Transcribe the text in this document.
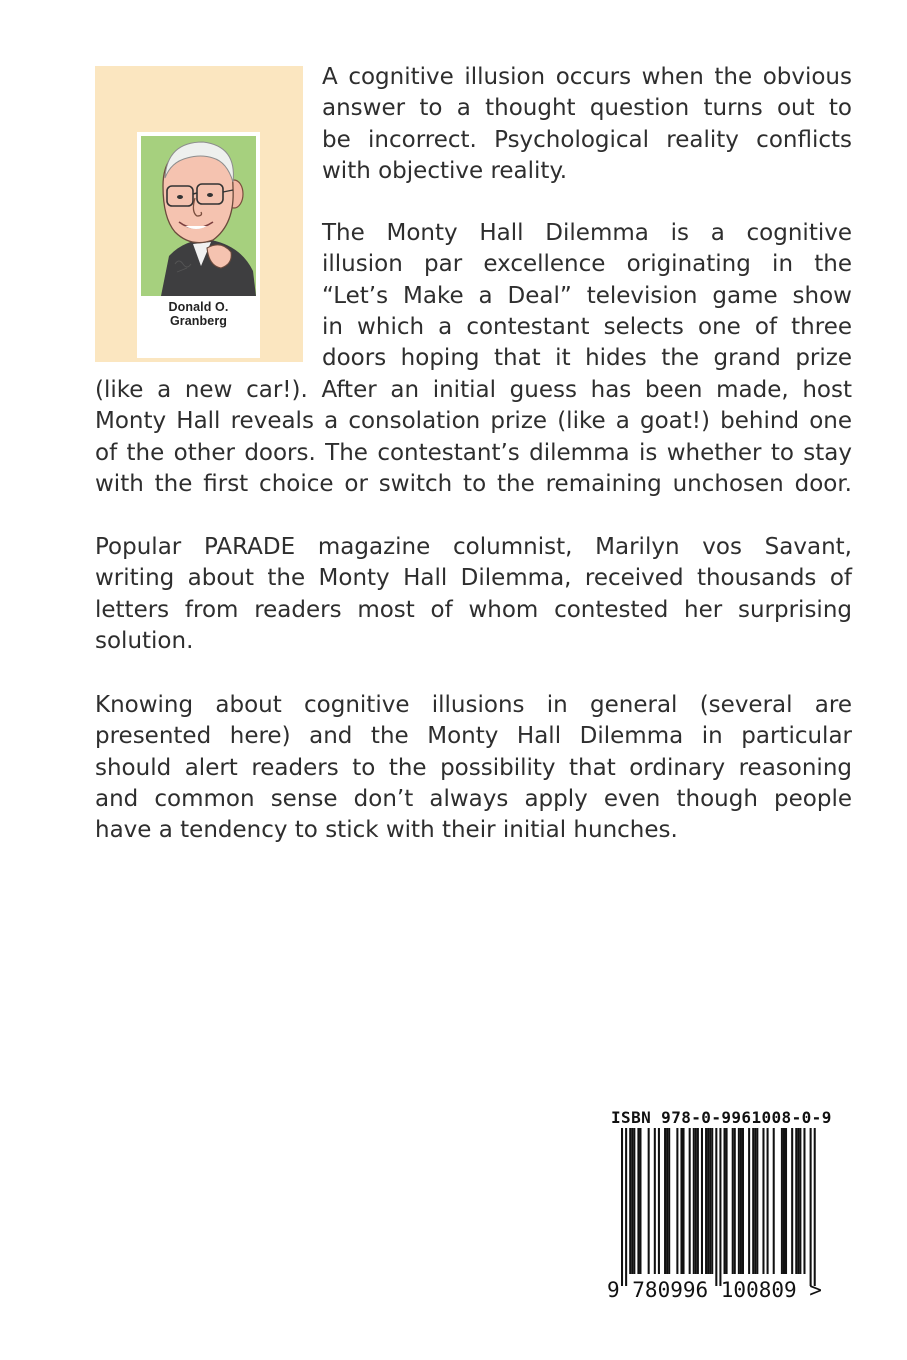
Donald O. Granberg
A cognitive illusion occurs when the obvious
answer to a thought question turns out to
be incorrect. Psychological reality conflicts
with objective reality.
The Monty Hall Dilemma is a cognitive
illusion par excellence originating in the
“Let’s Make a Deal” television game show
in which a contestant selects one of three
doors hoping that it hides the grand prize
(like a new car!). After an initial guess has been made, host
Monty Hall reveals a consolation prize (like a goat!) behind one
of the other doors. The contestant’s dilemma is whether to stay
with the first choice or switch to the remaining unchosen door.
Popular PARADE magazine columnist, Marilyn vos Savant,
writing about the Monty Hall Dilemma, received thousands of
letters from readers most of whom contested her surprising
solution.
Knowing about cognitive illusions in general (several are
presented here) and the Monty Hall Dilemma in particular
should alert readers to the possibility that ordinary reasoning
and common sense don’t always apply even though people
have a tendency to stick with their initial hunches.
ISBN 978-0-9961008-0-9
9 780996 100809 >
